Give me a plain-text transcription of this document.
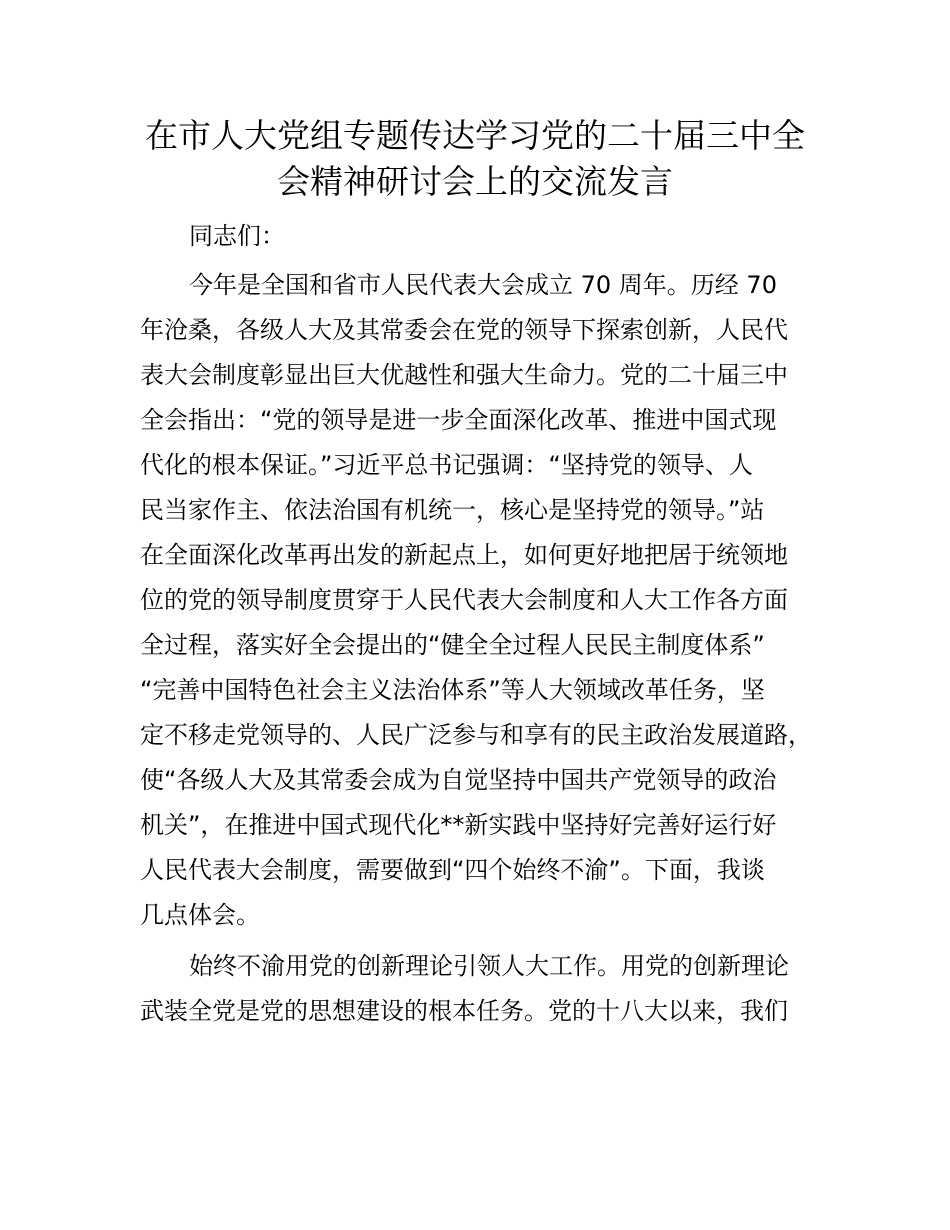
在市人大党组专题传达学习党的二十届三中全
会精神研讨会上的交流发言
同志们：
今年是全国和省市人民代表大会成立 70 周年。历经 70
年沧桑，各级人大及其常委会在党的领导下探索创新，人民代
表大会制度彰显出巨大优越性和强大生命力。党的二十届三中
全会指出：“党的领导是进一步全面深化改革、推进中国式现
代化的根本保证。”习近平总书记强调：“坚持党的领导、人
民当家作主、依法治国有机统一，核心是坚持党的领导。”站
在全面深化改革再出发的新起点上，如何更好地把居于统领地
位的党的领导制度贯穿于人民代表大会制度和人大工作各方面
全过程，落实好全会提出的“健全全过程人民民主制度体系”
“完善中国特色社会主义法治体系”等人大领域改革任务，坚
定不移走党领导的、人民广泛参与和享有的民主政治发展道路，
使“各级人大及其常委会成为自觉坚持中国共产党领导的政治
机关”，在推进中国式现代化**新实践中坚持好完善好运行好
人民代表大会制度，需要做到“四个始终不渝”。下面，我谈
几点体会。
始终不渝用党的创新理论引领人大工作。用党的创新理论
武装全党是党的思想建设的根本任务。党的十八大以来，我们
